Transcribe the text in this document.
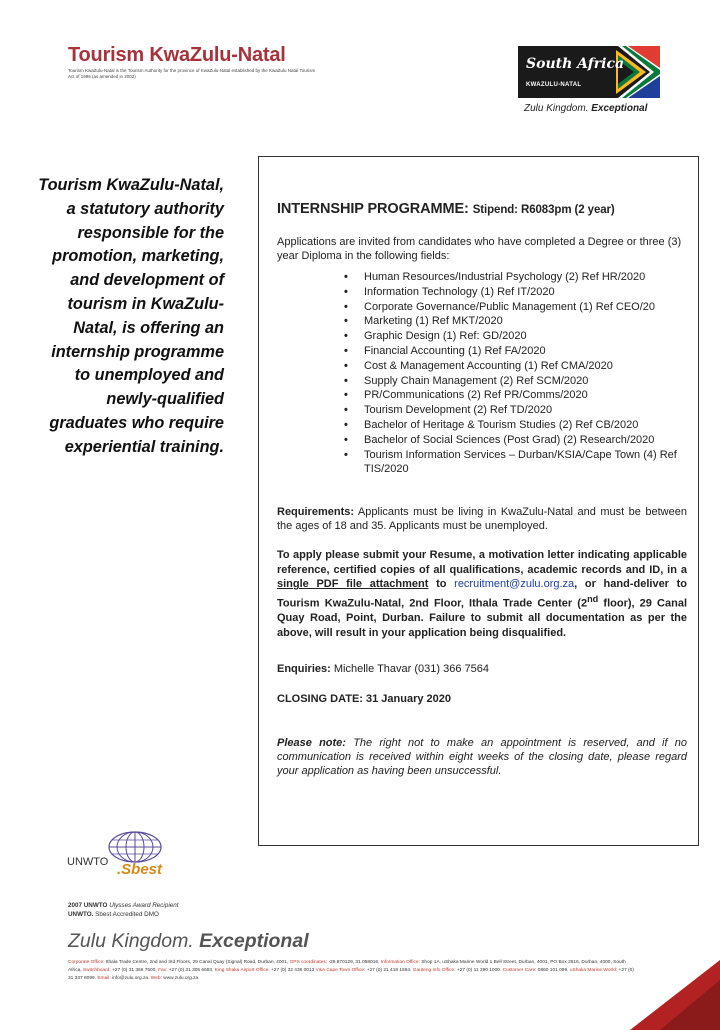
Tourism KwaZulu-Natal
Tourism KwaZulu-Natal is the Tourism Authority for the province of KwaZulu-Natal established by the KwaZulu Natal Tourism Act of 1996 (as amended in 2002)
South Africa
KWAZULU-NATAL
Zulu Kingdom. Exceptional
Tourism KwaZulu-Natal, a statutory authority responsible for the promotion, marketing, and development of tourism in KwaZulu-Natal, is offering an internship programme to unemployed and newly-qualified graduates who require experiential training.
INTERNSHIP PROGRAMME: Stipend: R6083pm (2 year)

Applications are invited from candidates who have completed a Degree or three (3) year Diploma in the following fields:

• Human Resources/Industrial Psychology (2) Ref HR/2020
• Information Technology (1) Ref IT/2020
• Corporate Governance/Public Management (1) Ref CEO/20
• Marketing (1) Ref MKT/2020
• Graphic Design (1) Ref: GD/2020
• Financial Accounting (1) Ref FA/2020
• Cost & Management Accounting (1) Ref CMA/2020
• Supply Chain Management (2) Ref SCM/2020
• PR/Communications (2) Ref PR/Comms/2020
• Tourism Development (2) Ref TD/2020
• Bachelor of Heritage & Tourism Studies (2) Ref CB/2020
• Bachelor of Social Sciences (Post Grad) (2) Research/2020
• Tourism Information Services – Durban/KSIA/Cape Town (4) Ref TIS/2020

Requirements: Applicants must be living in KwaZulu-Natal and must be between the ages of 18 and 35. Applicants must be unemployed.

To apply please submit your Resume, a motivation letter indicating applicable reference, certified copies of all qualifications, academic records and ID, in a single PDF file attachment to recruitment@zulu.org.za, or hand-deliver to Tourism KwaZulu-Natal, 2nd Floor, Ithala Trade Center (2nd floor), 29 Canal Quay Road, Point, Durban. Failure to submit all documentation as per the above, will result in your application being disqualified.

Enquiries: Michelle Thavar (031) 366 7564

CLOSING DATE: 31 January 2020

Please note: The right not to make an appointment is reserved, and if no communication is received within eight weeks of the closing date, please regard your application as having been unsuccessful.

UNWTO .Sbest
2007 UNWTO Ulysses Award Recipient
UNWTO. Sbest Accredited DMO
Zulu Kingdom. Exceptional
Corporate Office: Ithala Trade Centre, 2nd and 3rd Floors, 29 Canal Quay (Signal) Road, Durban, 4001, GPS coordinates: -29.870129, 31.058016, Information Office: Shop 1A, uShaka Marine World 1 Bell Street, Durban, 4001, PO Box 2516, Durban, 4000, South Africa, Switchboard: +27 (0) 31 366 7500, Fax: +27 (0) 31 305 6693, King Shaka Airport Office: +27 (0) 32 436 0013 V&A Cape Town Office: +27 (0) 21 418 1684. Gauteng Info Office: +27 (0) 11 390 1000. Customer Care: 0860 101 099. uShaka Marine World: +27 (0) 31 337 8099. Email: info@zulu.org.za. Web: www.zulu.org.za
